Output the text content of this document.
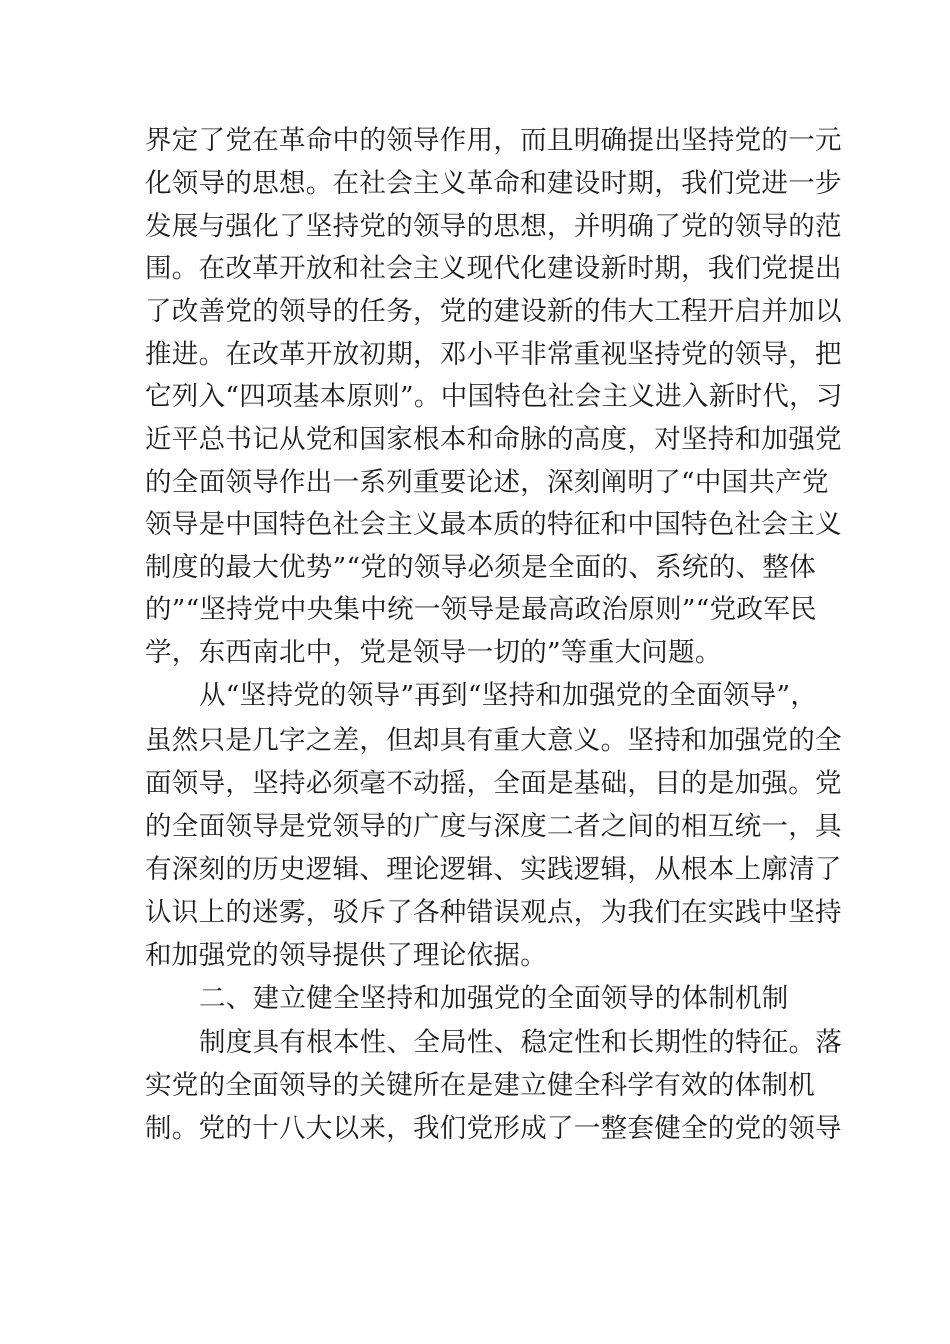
界定了党在革命中的领导作用，而且明确提出坚持党的一元
化领导的思想。在社会主义革命和建设时期，我们党进一步
发展与强化了坚持党的领导的思想，并明确了党的领导的范
围。在改革开放和社会主义现代化建设新时期，我们党提出
了改善党的领导的任务，党的建设新的伟大工程开启并加以
推进。在改革开放初期，邓小平非常重视坚持党的领导，把
它列入“四项基本原则”。中国特色社会主义进入新时代，习
近平总书记从党和国家根本和命脉的高度，对坚持和加强党
的全面领导作出一系列重要论述，深刻阐明了“中国共产党
领导是中国特色社会主义最本质的特征和中国特色社会主义
制度的最大优势”“党的领导必须是全面的、系统的、整体
的”“坚持党中央集中统一领导是最高政治原则”“党政军民
学，东西南北中，党是领导一切的”等重大问题。
从“坚持党的领导”再到“坚持和加强党的全面领导”，
虽然只是几字之差，但却具有重大意义。坚持和加强党的全
面领导，坚持必须毫不动摇，全面是基础，目的是加强。党
的全面领导是党领导的广度与深度二者之间的相互统一，具
有深刻的历史逻辑、理论逻辑、实践逻辑，从根本上廓清了
认识上的迷雾，驳斥了各种错误观点，为我们在实践中坚持
和加强党的领导提供了理论依据。
二、建立健全坚持和加强党的全面领导的体制机制
制度具有根本性、全局性、稳定性和长期性的特征。落
实党的全面领导的关键所在是建立健全科学有效的体制机
制。党的十八大以来，我们党形成了一整套健全的党的领导
